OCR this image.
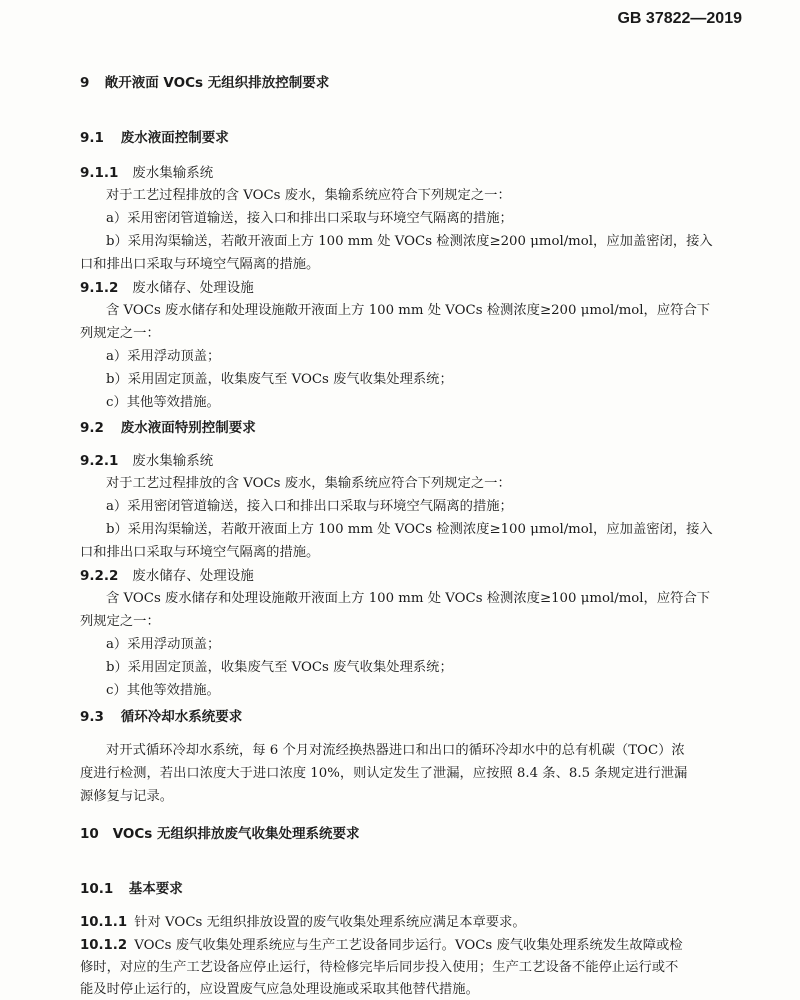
GB 37822—2019
9 敞开液面 VOCs 无组织排放控制要求
9.1 废水液面控制要求
9.1.1 废水集输系统
对于工艺过程排放的含 VOCs 废水，集输系统应符合下列规定之一：
a）采用密闭管道输送，接入口和排出口采取与环境空气隔离的措施；
b）采用沟渠输送，若敞开液面上方 100 mm 处 VOCs 检测浓度≥200 μmol/mol，应加盖密闭，接入
口和排出口采取与环境空气隔离的措施。
9.1.2 废水储存、处理设施
含 VOCs 废水储存和处理设施敞开液面上方 100 mm 处 VOCs 检测浓度≥200 μmol/mol，应符合下
列规定之一：
a）采用浮动顶盖；
b）采用固定顶盖，收集废气至 VOCs 废气收集处理系统；
c）其他等效措施。
9.2 废水液面特别控制要求
9.2.1 废水集输系统
对于工艺过程排放的含 VOCs 废水，集输系统应符合下列规定之一：
a）采用密闭管道输送，接入口和排出口采取与环境空气隔离的措施；
b）采用沟渠输送，若敞开液面上方 100 mm 处 VOCs 检测浓度≥100 μmol/mol，应加盖密闭，接入
口和排出口采取与环境空气隔离的措施。
9.2.2 废水储存、处理设施
含 VOCs 废水储存和处理设施敞开液面上方 100 mm 处 VOCs 检测浓度≥100 μmol/mol，应符合下
列规定之一：
a）采用浮动顶盖；
b）采用固定顶盖，收集废气至 VOCs 废气收集处理系统；
c）其他等效措施。
9.3 循环冷却水系统要求
对开式循环冷却水系统，每 6 个月对流经换热器进口和出口的循环冷却水中的总有机碳（TOC）浓
度进行检测，若出口浓度大于进口浓度 10%，则认定发生了泄漏，应按照 8.4 条、8.5 条规定进行泄漏
源修复与记录。
10 VOCs 无组织排放废气收集处理系统要求
10.1 基本要求
10.1.1 针对 VOCs 无组织排放设置的废气收集处理系统应满足本章要求。
10.1.2 VOCs 废气收集处理系统应与生产工艺设备同步运行。VOCs 废气收集处理系统发生故障或检
修时，对应的生产工艺设备应停止运行，待检修完毕后同步投入使用；生产工艺设备不能停止运行或不
能及时停止运行的，应设置废气应急处理设施或采取其他替代措施。
